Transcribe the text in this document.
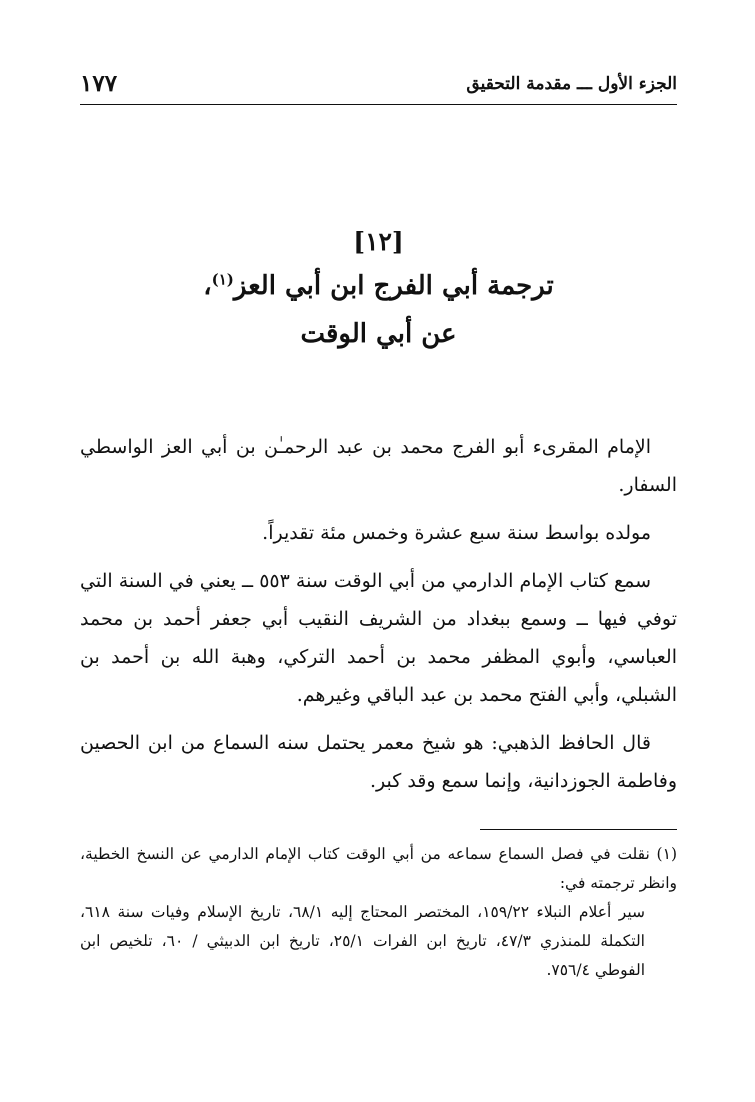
الجزء الأول ـــ مقدمة التحقيق
١٧٧
[١٢]
ترجمة أبي الفرج ابن أبي العز$^{(١)}$،
عن أبي الوقت

الإمام المقرىء أبو الفرج محمد بن عبد الرحمـٰن بن أبي العز الواسطي السفار.

مولده بواسط سنة سبع عشرة وخمس مئة تقديراً.

سمع كتاب الإمام الدارمي من أبي الوقت سنة ٥٥٣ ــ يعني في السنة التي توفي فيها ــ وسمع ببغداد من الشريف النقيب أبي جعفر أحمد بن محمد العباسي، وأبوي المظفر محمد بن أحمد التركي، وهبة الله بن أحمد بن الشبلي، وأبي الفتح محمد بن عبد الباقي وغيرهم.

قال الحافظ الذهبي: هو شيخ معمر يحتمل سنه السماع من ابن الحصين وفاطمة الجوزدانية، وإنما سمع وقد كبر.

(١) نقلت في فصل السماع سماعه من أبي الوقت كتاب الإمام الدارمي عن النسخ الخطية، وانظر ترجمته في:

سير أعلام النبلاء ١٥٩/٢٢، المختصر المحتاج إليه ٦٨/١، تاريخ الإسلام وفيات سنة ٦١٨، التكملة للمنذري ٤٧/٣، تاريخ ابن الفرات ٢٥/١، تاريخ ابن الدبيثي / ٦٠، تلخيص ابن الفوطي ٧٥٦/٤.
